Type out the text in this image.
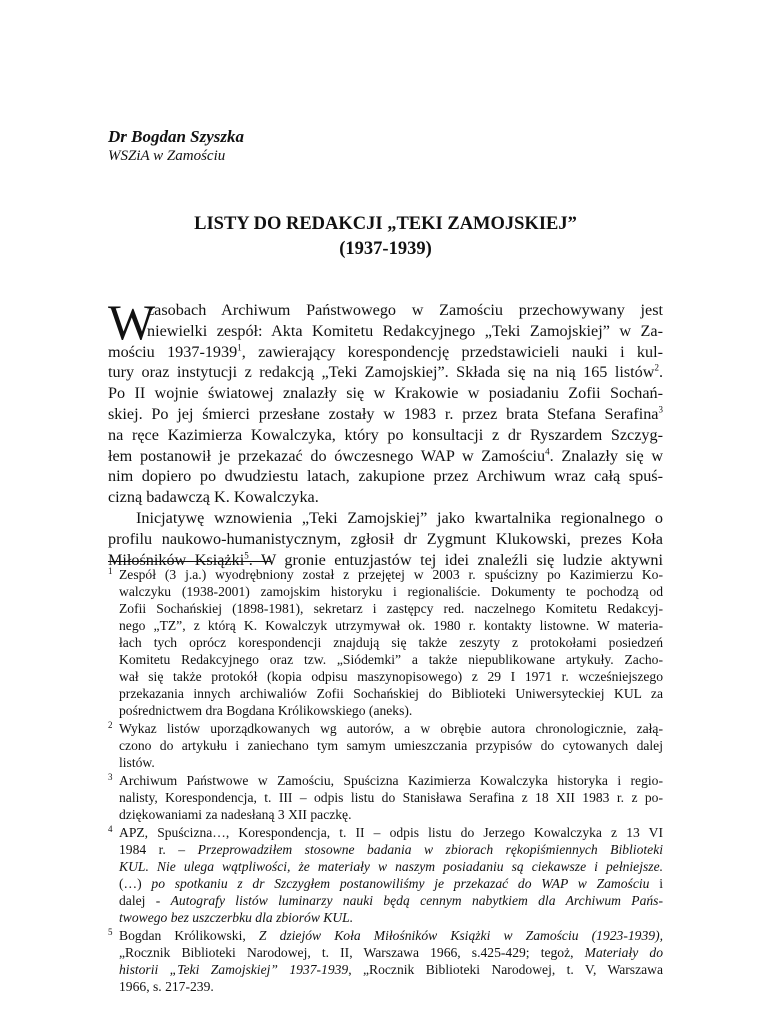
Dr Bogdan Szyszka
WSZiA w Zamościu
LISTY DO REDAKCJI „TEKI ZAMOJSKIEJ”
(1937-1939)
W
zasobach Archiwum Państwowego w Zamościu przechowywany jest
niewielki zespół: Akta Komitetu Redakcyjnego „Teki Zamojskiej” w Za-
mościu 1937-1939$^1$, zawierający korespondencję przedstawicieli nauki i kul-
tury oraz instytucji z redakcją „Teki Zamojskiej”. Składa się na nią 165 listów$^2$.
Po II wojnie światowej znalazły się w Krakowie w posiadaniu Zofii Sochań-
skiej. Po jej śmierci przesłane zostały w 1983 r. przez brata Stefana Serafina$^3$
na ręce Kazimierza Kowalczyka, który po konsultacji z dr Ryszardem Szczyg-
łem postanowił je przekazać do ówczesnego WAP w Zamościu$^4$. Znalazły się w
nim dopiero po dwudziestu latach, zakupione przez Archiwum wraz całą spuś-
cizną badawczą K. Kowalczyka.
Inicjatywę wznowienia „Teki Zamojskiej” jako kwartalnika regionalnego o
profilu naukowo-humanistycznym, zgłosił dr Zygmunt Klukowski, prezes Koła
Miłośników Książki$^5$. W gronie entuzjastów tej idei znaleźli się ludzie aktywni
1 Zespół (3 j.a.) wyodrębniony został z przejętej w 2003 r. spuścizny po Kazimierzu Ko-
walczyku (1938-2001) zamojskim historyku i regionaliście. Dokumenty te pochodzą od
Zofii Sochańskiej (1898-1981), sekretarz i zastępcy red. naczelnego Komitetu Redakcyj-
nego „TZ”, z którą K. Kowalczyk utrzymywał ok. 1980 r. kontakty listowne. W materia-
łach tych oprócz korespondencji znajdują się także zeszyty z protokołami posiedzeń
Komitetu Redakcyjnego oraz tzw. „Siódemki” a także niepublikowane artykuły. Zacho-
wał się także protokół (kopia odpisu maszynopisowego) z 29 I 1971 r. wcześniejszego
przekazania innych archiwaliów Zofii Sochańskiej do Biblioteki Uniwersyteckiej KUL za
pośrednictwem dra Bogdana Królikowskiego (aneks).
2 Wykaz listów uporządkowanych wg autorów, a w obrębie autora chronologicznie, załą-
czono do artykułu i zaniechano tym samym umieszczania przypisów do cytowanych dalej
listów.
3 Archiwum Państwowe w Zamościu, Spuścizna Kazimierza Kowalczyka historyka i regio-
nalisty, Korespondencja, t. III – odpis listu do Stanisława Serafina z 18 XII 1983 r. z po-
dziękowaniami za nadesłaną 3 XII paczkę.
4 APZ, Spuścizna…, Korespondencja, t. II – odpis listu do Jerzego Kowalczyka z 13 VI
1984 r. – Przeprowadziłem stosowne badania w zbiorach rękopiśmiennych Biblioteki
KUL. Nie ulega wątpliwości, że materiały w naszym posiadaniu są ciekawsze i pełniejsze.
(…) po spotkaniu z dr Szczygłem postanowiliśmy je przekazać do WAP w Zamościu i
dalej - Autografy listów luminarzy nauki będą cennym nabytkiem dla Archiwum Pańs-
twowego bez uszczerbku dla zbiorów KUL.
5 Bogdan Królikowski, Z dziejów Koła Miłośników Książki w Zamościu (1923-1939),
„Rocznik Biblioteki Narodowej, t. II, Warszawa 1966, s.425-429; tegoż, Materiały do
historii „Teki Zamojskiej” 1937-1939, „Rocznik Biblioteki Narodowej, t. V, Warszawa
1966, s. 217-239.
